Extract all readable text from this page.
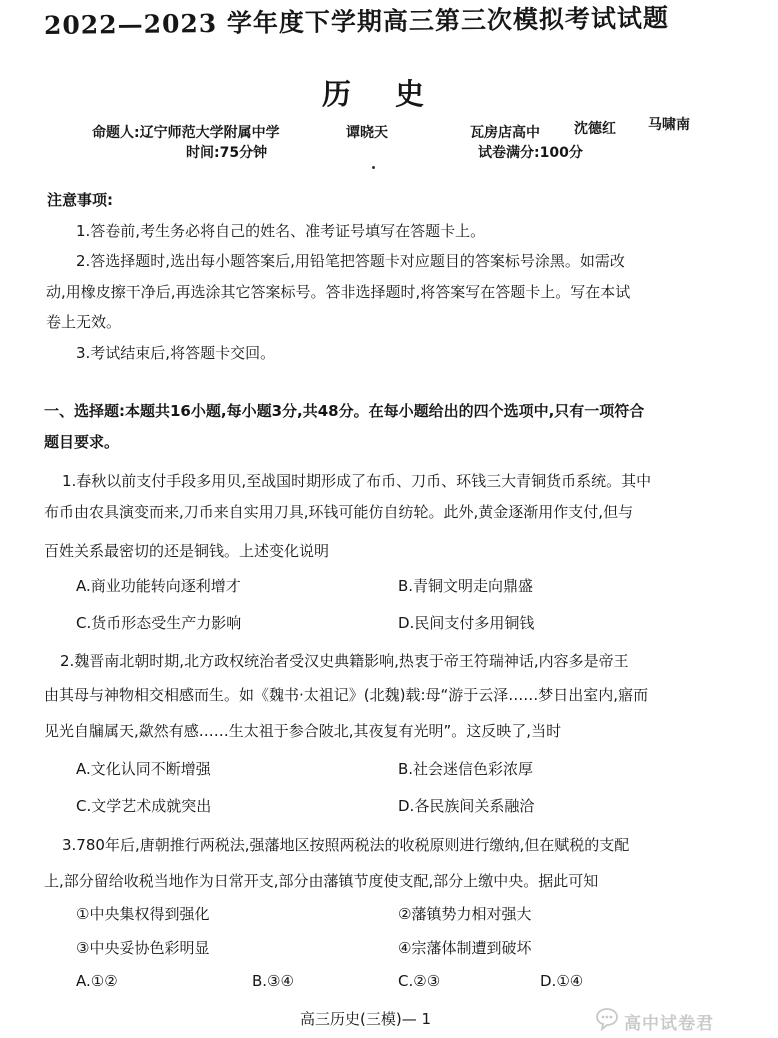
2022—2023 学年度下学期高三第三次模拟考试试题
历史
命题人:辽宁师范大学附属中学	谭晓天	瓦房店高中 沈德红 马啸南
时间:75分钟	试卷满分:100分
注意事项:
1.答卷前,考生务必将自己的姓名、准考证号填写在答题卡上。
2.答选择题时,选出每小题答案后,用铅笔把答题卡对应题目的答案标号涂黑。如需改
动,用橡皮擦干净后,再选涂其它答案标号。答非选择题时,将答案写在答题卡上。写在本试
卷上无效。
3.考试结束后,将答题卡交回。
一、选择题:本题共16小题,每小题3分,共48分。在每小题给出的四个选项中,只有一项符合
题目要求。
1.春秋以前支付手段多用贝,至战国时期形成了布币、刀币、环钱三大青铜货币系统。其中
布币由农具演变而来,刀币来自实用刀具,环钱可能仿自纺轮。此外,黄金逐渐用作支付,但与
百姓关系最密切的还是铜钱。上述变化说明
A.商业功能转向逐利增才	B.青铜文明走向鼎盛
C.货币形态受生产力影响	D.民间支付多用铜钱
2.魏晋南北朝时期,北方政权统治者受汉史典籍影响,热衷于帝王符瑞神话,内容多是帝王
由其母与神物相交相感而生。如《魏书·太祖记》(北魏)载:母“游于云泽……梦日出室内,寤而
见光自牖属天,歘然有感……生太祖于参合陂北,其夜复有光明”。这反映了,当时
A.文化认同不断增强	B.社会迷信色彩浓厚
C.文学艺术成就突出	D.各民族间关系融洽
3.780年后,唐朝推行两税法,强藩地区按照两税法的收税原则进行缴纳,但在赋税的支配
上,部分留给收税当地作为日常开支,部分由藩镇节度使支配,部分上缴中央。据此可知
①中央集权得到强化	②藩镇势力相对强大
③中央妥协色彩明显	④宗藩体制遭到破坏
A.①②	B.③④	C.②③	D.①④
高三历史(三模)— 1	高中试卷君
